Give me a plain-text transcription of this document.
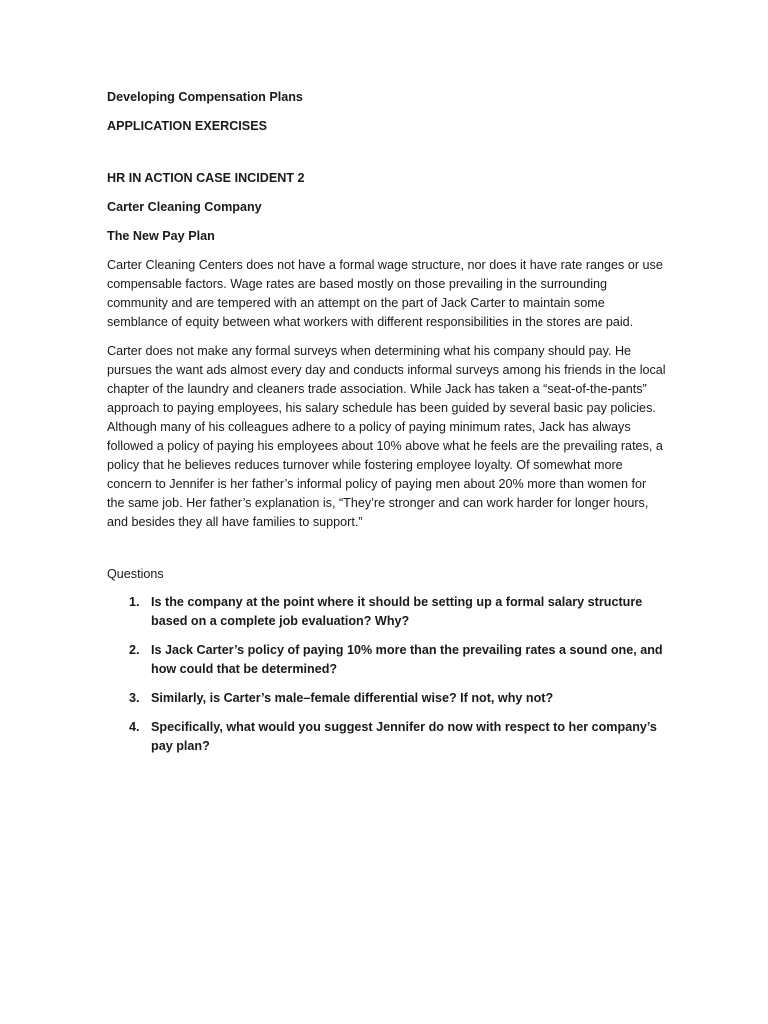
Developing Compensation Plans

APPLICATION EXERCISES

HR IN ACTION CASE INCIDENT 2

Carter Cleaning Company

The New Pay Plan

Carter Cleaning Centers does not have a formal wage structure, nor does it have rate ranges or use compensable factors. Wage rates are based mostly on those prevailing in the surrounding community and are tempered with an attempt on the part of Jack Carter to maintain some semblance of equity between what workers with different responsibilities in the stores are paid.

Carter does not make any formal surveys when determining what his company should pay. He pursues the want ads almost every day and conducts informal surveys among his friends in the local chapter of the laundry and cleaners trade association. While Jack has taken a “seat-of-the-pants” approach to paying employees, his salary schedule has been guided by several basic pay policies. Although many of his colleagues adhere to a policy of paying minimum rates, Jack has always followed a policy of paying his employees about 10% above what he feels are the prevailing rates, a policy that he believes reduces turnover while fostering employee loyalty. Of somewhat more concern to Jennifer is her father’s informal policy of paying men about 20% more than women for the same job. Her father’s explanation is, “They’re stronger and can work harder for longer hours, and besides they all have families to support.”

Questions

1. Is the company at the point where it should be setting up a formal salary structure based on a complete job evaluation? Why?
2. Is Jack Carter’s policy of paying 10% more than the prevailing rates a sound one, and how could that be determined?
3. Similarly, is Carter’s male–female differential wise? If not, why not?
4. Specifically, what would you suggest Jennifer do now with respect to her company’s pay plan?
